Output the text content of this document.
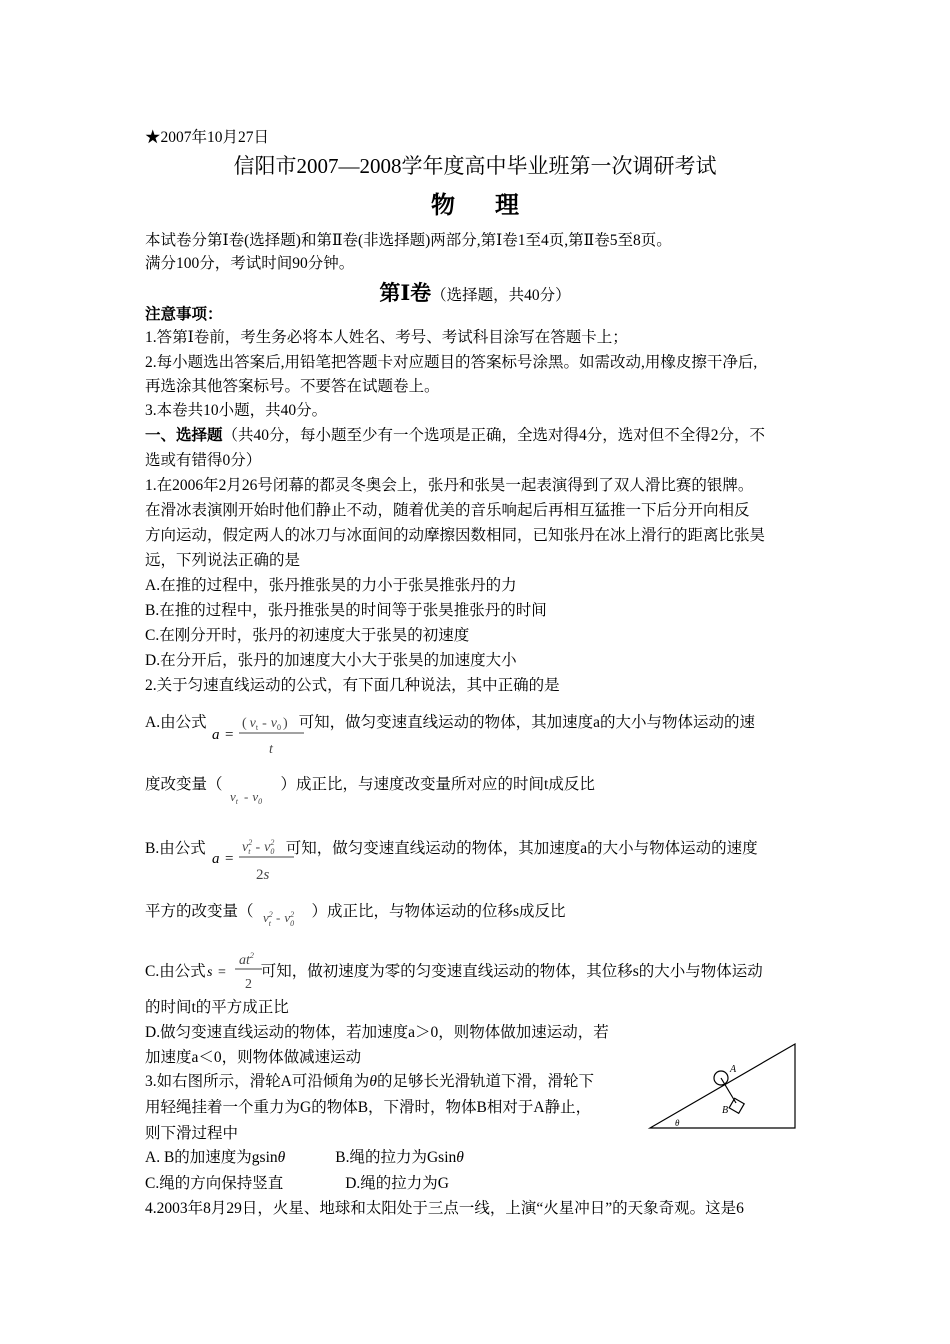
★2007年10月27日
信阳市2007—2008学年度高中毕业班第一次调研考试
物理
本试卷分第Ⅰ卷(选择题)和第Ⅱ卷(非选择题)两部分,第Ⅰ卷1至4页,第Ⅱ卷5至8页。
满分100分，考试时间90分钟。
第Ⅰ卷（选择题，共40分）
注意事项：
1.答第Ⅰ卷前，考生务必将本人姓名、考号、考试科目涂写在答题卡上；
2.每小题选出答案后,用铅笔把答题卡对应题目的答案标号涂黑。如需改动,用橡皮擦干净后,
再选涂其他答案标号。不要答在试题卷上。
3.本卷共10小题，共40分。
一、选择题（共40分，每小题至少有一个选项是正确，全选对得4分，选对但不全得2分，不
选或有错得0分）
1.在2006年2月26号闭幕的都灵冬奥会上，张丹和张昊一起表演得到了双人滑比赛的银牌。
在滑冰表演刚开始时他们静止不动，随着优美的音乐响起后再相互猛推一下后分开向相反
方向运动，假定两人的冰刀与冰面间的动摩擦因数相同，已知张丹在冰上滑行的距离比张昊
远，下列说法正确的是
A.在推的过程中，张丹推张昊的力小于张昊推张丹的力
B.在推的过程中，张丹推张昊的时间等于张昊推张丹的时间
C.在刚分开时，张丹的初速度大于张昊的初速度
D.在分开后，张丹的加速度大小大于张昊的加速度大小
2.关于匀速直线运动的公式，有下面几种说法，其中正确的是
A.由公式	可知，做匀变速直线运动的物体，其加速度a的大小与物体运动的速
a =
( $v_t - v_0$ )
t
度改变量（	）成正比，与速度改变量所对应的时间t成反比
$v_t - v_0$
B.由公式	可知，做匀变速直线运动的物体，其加速度a的大小与物体运动的速度
a =
$v^2$ t - $v^2$ 0
2s
平方的改变量（	）成正比，与物体运动的位移s成反比
$v^2$ t - $v^2$ 0
C.由公式	可知，做初速度为零的匀变速直线运动的物体，其位移s的大小与物体运动
s =
$at^2$
2
的时间t的平方成正比
D.做匀变速直线运动的物体，若加速度a＞0，则物体做加速运动，若
加速度a＜0，则物体做减速运动
3.如右图所示，滑轮A可沿倾角为θ的足够长光滑轨道下滑，滑轮下
用轻绳挂着一个重力为G的物体B，下滑时，物体B相对于A静止，
则下滑过程中
A. B的加速度为gsinθ	B.绳的拉力为Gsinθ
C.绳的方向保持竖直	D.绳的拉力为G
A
B
θ
4.2003年8月29日，火星、地球和太阳处于三点一线，上演“火星冲日”的天象奇观。这是6
